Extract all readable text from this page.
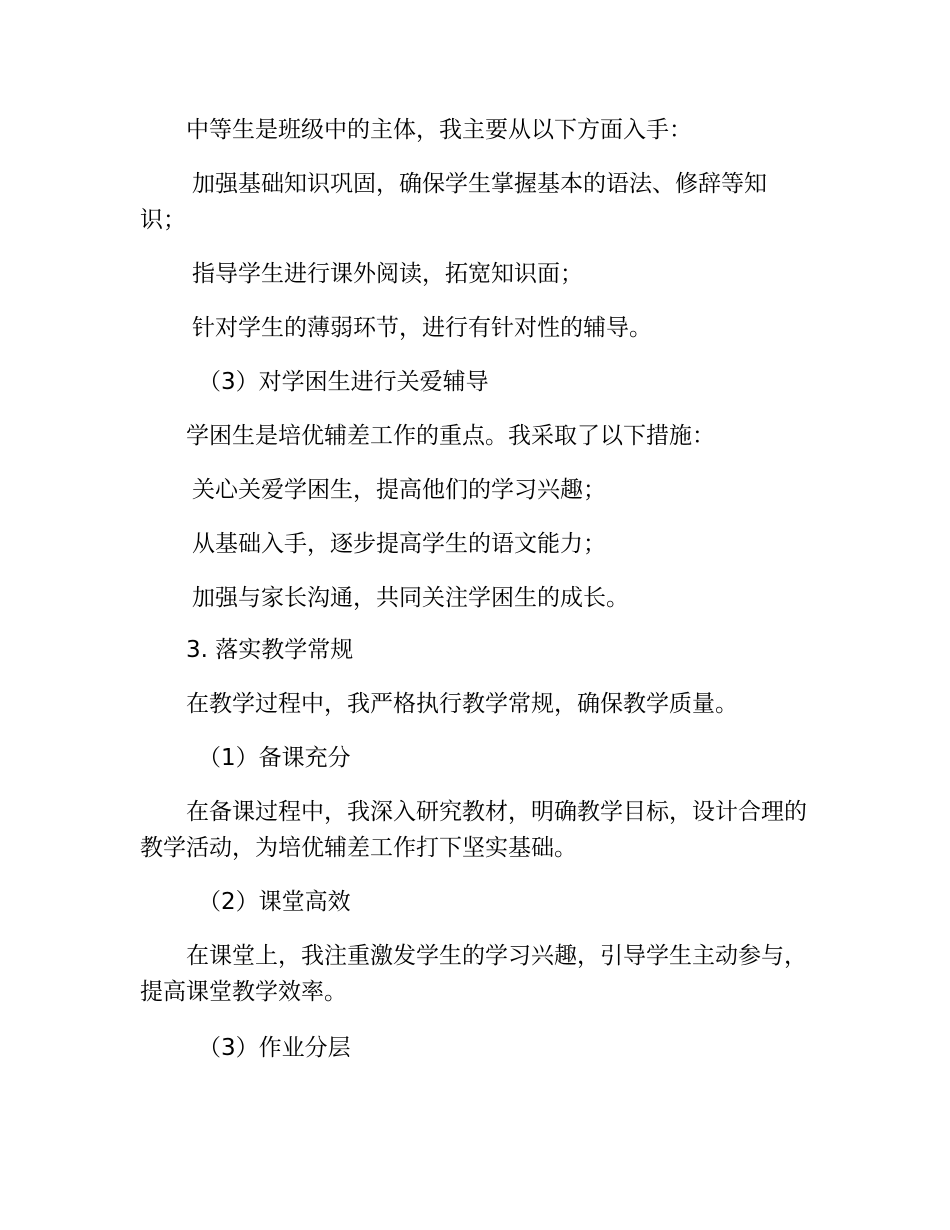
中等生是班级中的主体，我主要从以下方面入手：

加强基础知识巩固，确保学生掌握基本的语法、修辞等知识；

指导学生进行课外阅读，拓宽知识面；

针对学生的薄弱环节，进行有针对性的辅导。

（3）对学困生进行关爱辅导

学困生是培优辅差工作的重点。我采取了以下措施：

关心关爱学困生，提高他们的学习兴趣；

从基础入手，逐步提高学生的语文能力；

加强与家长沟通，共同关注学困生的成长。

3. 落实教学常规

在教学过程中，我严格执行教学常规，确保教学质量。

（1）备课充分

在备课过程中，我深入研究教材，明确教学目标，设计合理的教学活动，为培优辅差工作打下坚实基础。

（2）课堂高效

在课堂上，我注重激发学生的学习兴趣，引导学生主动参与，提高课堂教学效率。

（3）作业分层
